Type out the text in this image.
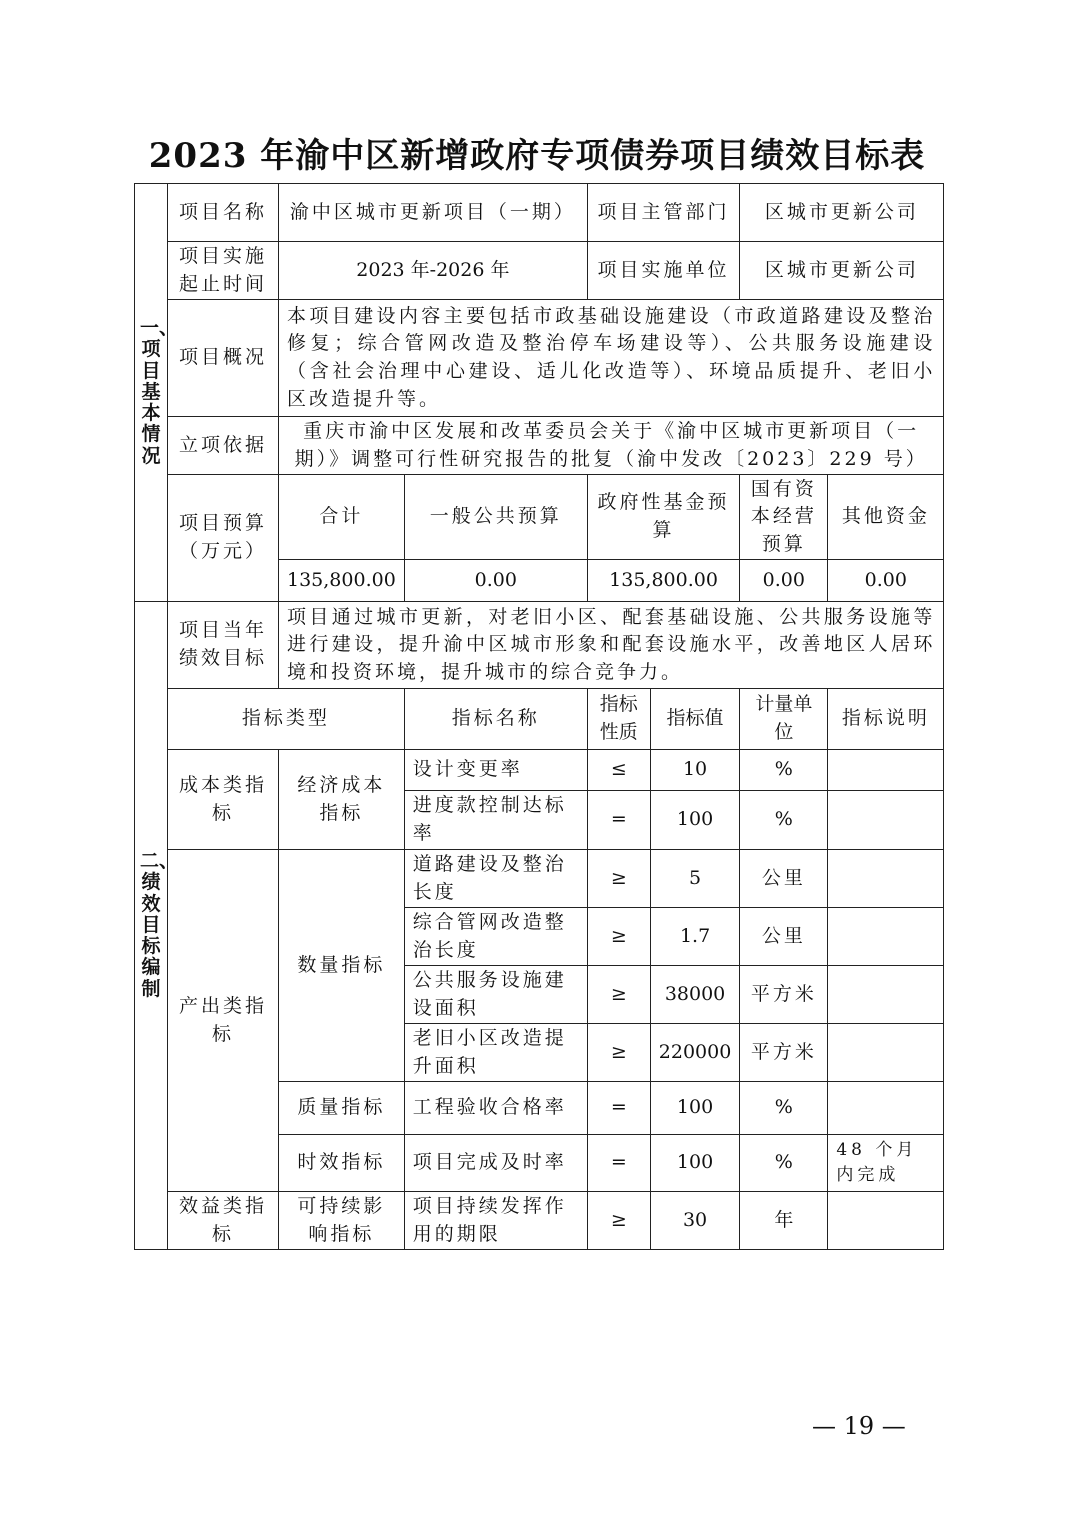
2023 年渝中区新增政府专项债券项目绩效目标表
一、项目基本情况	项目名称	渝中区城市更新项目（一期）		项目主管部门		区城市更新公司	
	项目实施起止时间	2023 年-2026 年		项目实施单位		区城市更新公司	
	项目概况	本项目建设内容主要包括市政基础设施建设（市政道路建设及整治修复；综合管网改造及整治停车场建设等）、公共服务设施建设（含社会治理中心建设、适儿化改造等）、环境品质提升、老旧小区改造提升等。					
	立项依据	重庆市渝中区发展和改革委员会关于《渝中区城市更新项目（一期）》调整可行性研究报告的批复（渝中发改〔2023〕229 号）					
	项目预算（万元）	合计	一般公共预算	政府性基金预算		国有资本经营预算	其他资金
		135,800.00	0.00	135,800.00		0.00	0.00
二、绩效目标编制	项目当年绩效目标	项目通过城市更新，对老旧小区、配套基础设施、公共服务设施等进行建设，提升渝中区城市形象和配套设施水平，改善地区人居环境和投资环境，提升城市的综合竞争力。					
	指标类型		指标名称	指标性质	指标值	计量单位	指标说明
	成本类指标	经济成本指标	设计变更率	≤	10	%	
			进度款控制达标率	=	100	%	
	产出类指标	数量指标	道路建设及整治长度	≥	5	公里	
			综合管网改造整治长度	≥	1.7	公里	
			公共服务设施建设面积	≥	38000	平方米	
			老旧小区改造提升面积	≥	220000	平方米	
		质量指标	工程验收合格率	=	100	%	
		时效指标	项目完成及时率	=	100	%	48 个月内完成
	效益类指标	可持续影响指标	项目持续发挥作用的期限	≥	30	年	
— 19 —
